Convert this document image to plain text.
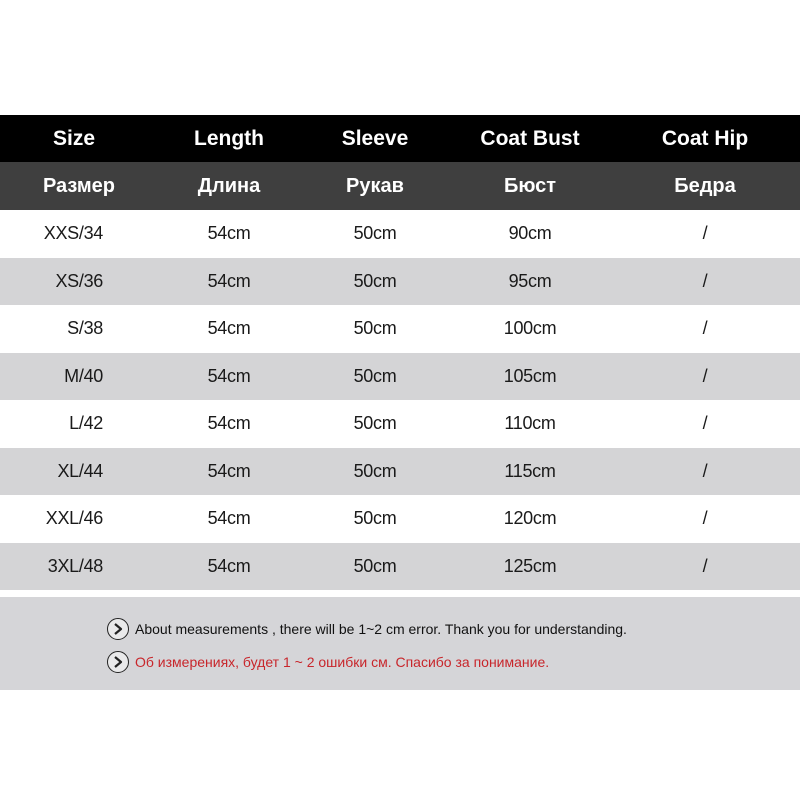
Size	Length	Sleeve	Coat Bust	Coat Hip
Размер	Длина	Рукав	Бюст	Бедра
XXS/34	54cm	50cm	90cm	/
XS/36	54cm	50cm	95cm	/
S/38	54cm	50cm	100cm	/
M/40	54cm	50cm	105cm	/
L/42	54cm	50cm	110cm	/
XL/44	54cm	50cm	115cm	/
XXL/46	54cm	50cm	120cm	/
3XL/48	54cm	50cm	125cm	/
About measurements , there will be 1~2 cm error. Thank you for understanding.
Об измерениях, будет 1 ~ 2 ошибки см. Спасибо за понимание.
